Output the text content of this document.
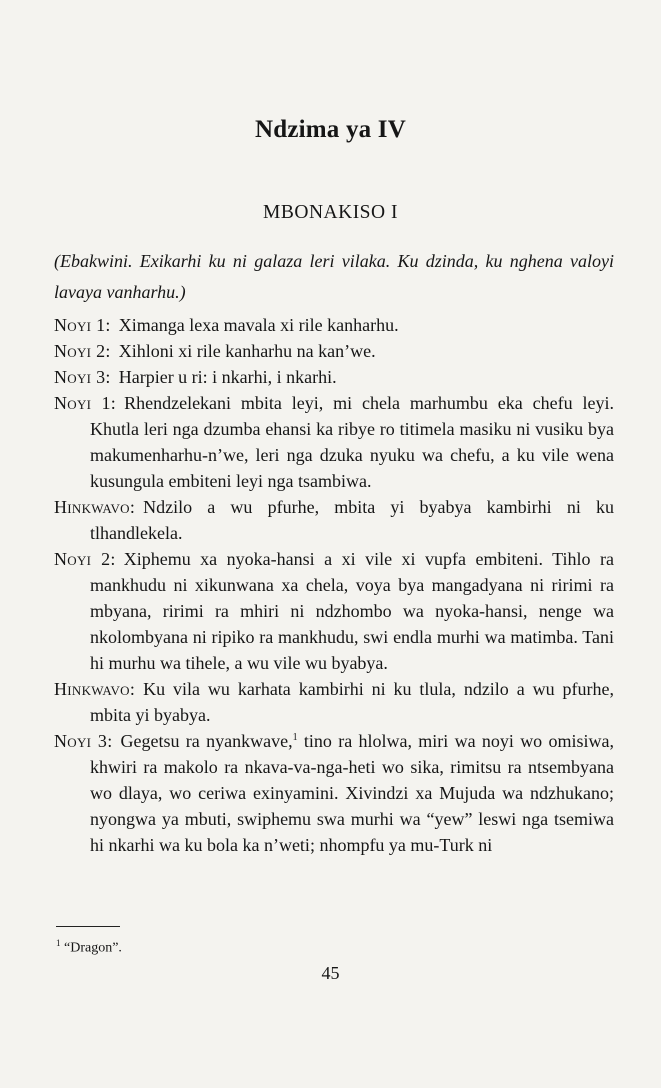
Ndzima ya IV
MBONAKISO I
(Ebakwini. Exikarhi ku ni galaza leri vilaka. Ku dzinda, ku nghena valoyi lavaya vanharhu.)

Noyi 1: Ximanga lexa mavala xi rile kanharhu.

Noyi 2: Xihloni xi rile kanharhu na kan’we.

Noyi 3: Harpier u ri: i nkarhi, i nkarhi.

Noyi 1: Rhendzelekani mbita leyi, mi chela marhumbu eka chefu leyi. Khutla leri nga dzumba ehansi ka ribye ro titimela masiku ni vusiku bya makumenharhu-n’we, leri nga dzuka nyuku wa chefu, a ku vile wena kusungula embiteni leyi nga tsambiwa.

Hinkwavo: Ndzilo a wu pfurhe, mbita yi byabya kambirhi ni ku tlhandlekela.

Noyi 2: Xiphemu xa nyoka-hansi a xi vile xi vupfa embiteni. Tihlo ra mankhudu ni xikunwana xa chela, voya bya mangadyana ni ririmi ra mbyana, ririmi ra mhiri ni ndzhombo wa nyoka-hansi, nenge wa nkolombyana ni ripiko ra mankhudu, swi endla murhi wa matimba. Tani hi murhu wa tihele, a wu vile wu byabya.

Hinkwavo: Ku vila wu karhata kambirhi ni ku tlula, ndzilo a wu pfurhe, mbita yi byabya.

Noyi 3: Gegetsu ra nyankwave,$^1$ tino ra hlolwa, miri wa noyi wo omisiwa, khwiri ra makolo ra nkava-va-nga-heti wo sika, rimitsu ra ntsembyana wo dlaya, wo ceriwa exinyamini. Xivindzi xa Mujuda wa ndzhukano; nyongwa ya mbuti, swiphemu swa murhi wa “yew” leswi nga tsemiwa hi nkarhi wa ku bola ka n’weti; nhompfu ya mu-Turk ni

$^1$ “Dragon”.
45
